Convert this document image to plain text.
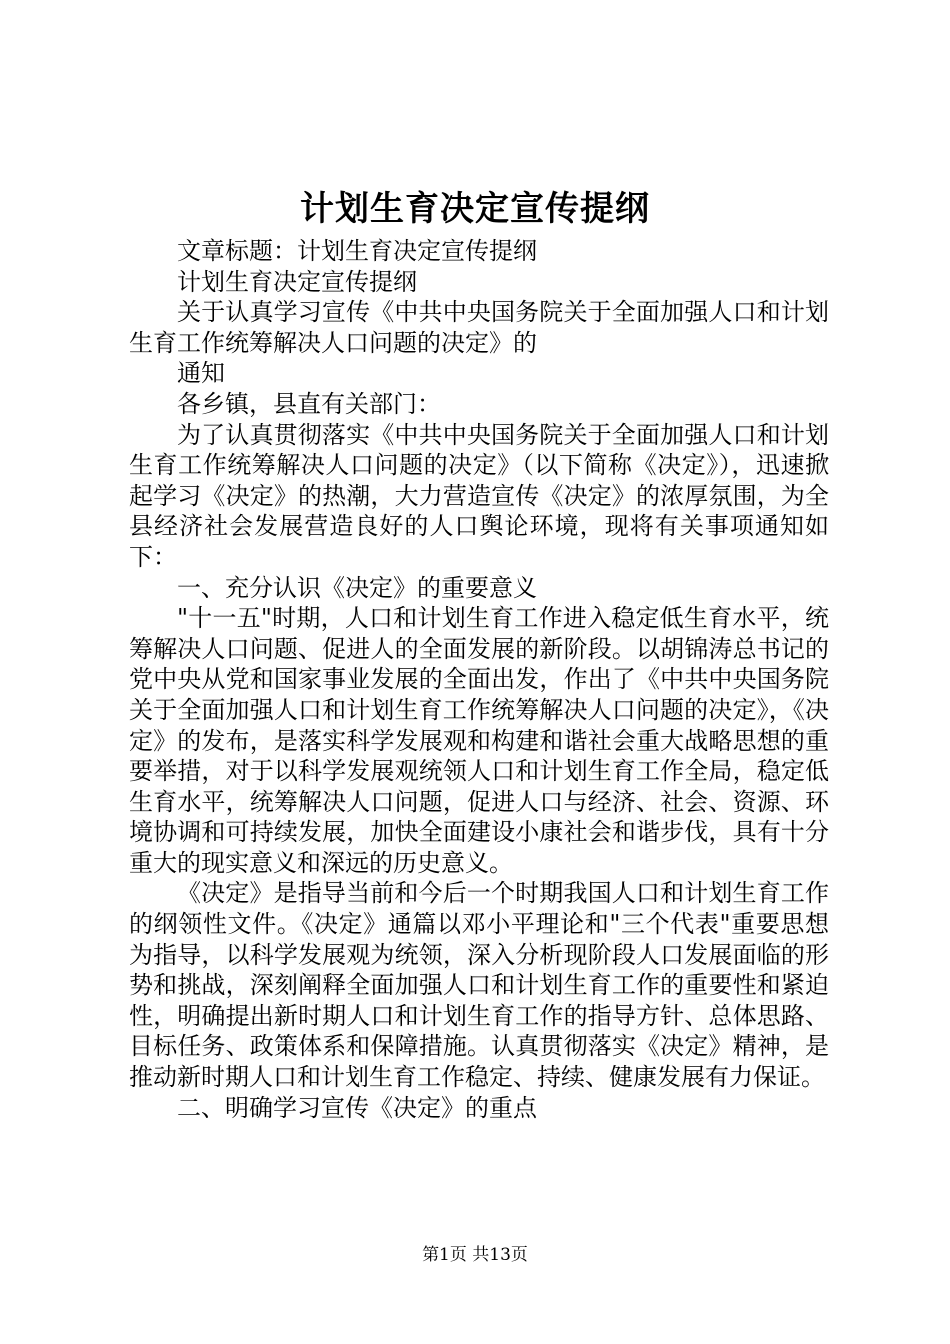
计划生育决定宣传提纲

文章标题：计划生育决定宣传提纲

计划生育决定宣传提纲

关于认真学习宣传《中共中央国务院关于全面加强人口和计划生育工作统筹解决人口问题的决定》的

通知

各乡镇，县直有关部门：

为了认真贯彻落实《中共中央国务院关于全面加强人口和计划生育工作统筹解决人口问题的决定》（以下简称《决定》），迅速掀起学习《决定》的热潮，大力营造宣传《决定》的浓厚氛围，为全县经济社会发展营造良好的人口舆论环境，现将有关事项通知如下：

一、充分认识《决定》的重要意义

"十一五"时期，人口和计划生育工作进入稳定低生育水平，统筹解决人口问题、促进人的全面发展的新阶段。以胡锦涛总书记的党中央从党和国家事业发展的全面出发，作出了《中共中央国务院关于全面加强人口和计划生育工作统筹解决人口问题的决定》，《决定》的发布，是落实科学发展观和构建和谐社会重大战略思想的重要举措，对于以科学发展观统领人口和计划生育工作全局，稳定低生育水平，统筹解决人口问题，促进人口与经济、社会、资源、环境协调和可持续发展，加快全面建设小康社会和谐步伐，具有十分重大的现实意义和深远的历史意义。

《决定》是指导当前和今后一个时期我国人口和计划生育工作的纲领性文件。《决定》通篇以邓小平理论和"三个代表"重要思想为指导，以科学发展观为统领，深入分析现阶段人口发展面临的形势和挑战，深刻阐释全面加强人口和计划生育工作的重要性和紧迫性，明确提出新时期人口和计划生育工作的指导方针、总体思路、目标任务、政策体系和保障措施。认真贯彻落实《决定》精神，是推动新时期人口和计划生育工作稳定、持续、健康发展有力保证。

二、明确学习宣传《决定》的重点

第1页 共13页
